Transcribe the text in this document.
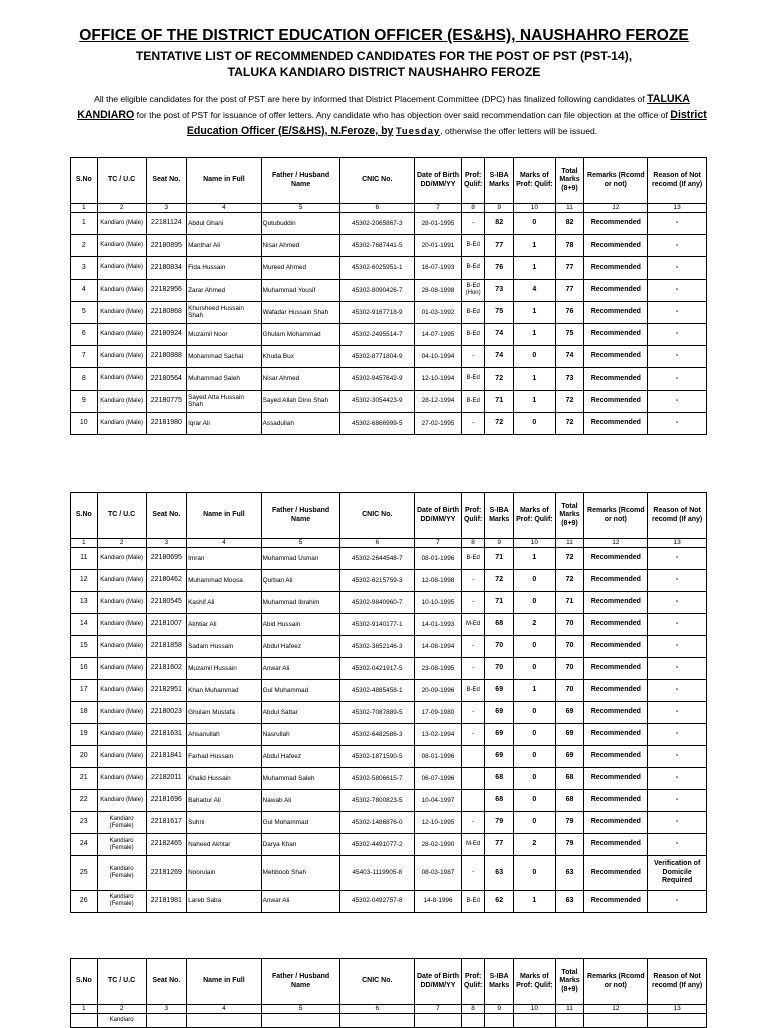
OFFICE OF THE DISTRICT EDUCATION OFFICER (ES&HS), NAUSHAHRO FEROZE
TENTATIVE LIST OF RECOMMENDED CANDIDATES FOR THE POST OF PST (PST-14),
TALUKA KANDIARO DISTRICT NAUSHAHRO FEROZE
All the eligible candidates for the post of PST are here by informed that District Placement Committee (DPC) has finalized following candidates of TALUKA KANDIARO for the post of PST for issuance of offer letters. Any candidate who has objection over said recommendation can file objection at the office of District Education Officer (E/S&HS), N.Feroze, by Tuesday, otherwise the offer letters will be issued.
S.No	TC / U.C	Seat No.	Name in Full	Father / Husband Name	CNIC No.	Date of Birth DD/MM/YY	Prof: Qulif:	S-IBA Marks	Marks of Prof: Qulif:	Total Marks (8+9)	Remarks (Rcomd or not)	Reason of Not recomd (If any)
1	2	3	4	5	6	7	8	9	10	11	12	13
1	Kandiaro (Male)	22181124	Abdul Ghani	Qutubuddin	45302-2065867-3	28-01-1995	-	82	0	82	Recommended	-
2	Kandiaro (Male)	22180895	Manthar Ali	Nisar Ahmed	45302-7687441-5	20-01-1991	B-Ed	77	1	78	Recommended	-
3	Kandiaro (Male)	22180834	Fida Hussain	Mureed Ahmed	45302-6025951-1	16-07-1993	B-Ed	76	1	77	Recommended	-
4	Kandiaro (Male)	22182956	Zarar Ahmed	Muhammad Yousif	45302-8090426-7	28-08-1998	B-Ed (Hon)	73	4	77	Recommended	-
5	Kandiaro (Male)	22180868	Khursheed Hussain Shah	Wafadar Hussain Shah	45302-9167718-9	01-03-1992	B-Ed	75	1	76	Recommended	-
6	Kandiaro (Male)	22180924	Muzamil Noor	Ghulam Mohammad	45302-2495514-7	14-07-1995	B-Ed	74	1	75	Recommended	-
7	Kandiaro (Male)	22180888	Mohammad Sachal	Khuda Bux	45302-8771804-9	04-10-1994	-	74	0	74	Recommended	-
8	Kandiaro (Male)	22180564	Muhammad Saleh	Nisar Ahmed	45302-9457642-9	12-10-1994	B-Ed	72	1	73	Recommended	-
9	Kandiaro (Male)	22180775	Sayed Atta Hussain Shah	Sayed Allah Dino Shah	45302-3054423-9	28-12-1994	B-Ed	71	1	72	Recommended	-
10	Kandiaro (Male)	22181980	Iqrar Ali	Assadullah	45302-6866999-5	27-02-1995	-	72	0	72	Recommended	-
S.No	TC / U.C	Seat No.	Name in Full	Father / Husband Name	CNIC No.	Date of Birth DD/MM/YY	Prof: Qulif:	S-IBA Marks	Marks of Prof: Qulif:	Total Marks (8+9)	Remarks (Rcomd or not)	Reason of Not recomd (If any)
1	2	3	4	5	6	7	8	9	10	11	12	13
11	Kandiaro (Male)	22180695	Imran	Muhammad Usman	45302-2644548-7	08-01-1996	B-Ed	71	1	72	Recommended	-
12	Kandiaro (Male)	22180462	Muhammad Moosa	Qurban Ali	45302-6215759-3	12-08-1998	-	72	0	72	Recommended	-
13	Kandiaro (Male)	22180545	Kashif Ali	Muhammad Ibrahim	45302-9840960-7	10-10-1995	-	71	0	71	Recommended	-
14	Kandiaro (Male)	22181007	Akhtiar Ali	Abid Hussain	45302-9140177-1	14-01-1993	M-Ed	68	2	70	Recommended	-
15	Kandiaro (Male)	22181858	Sadam Hussain	Abdul Hafeez	45302-3652146-3	14-08-1994	-	70	0	70	Recommended	-
16	Kandiaro (Male)	22181602	Muzamil Hussain	Anwar Ali	45302-0421917-5	23-08-1995	-	70	0	70	Recommended	-
17	Kandiaro (Male)	22182951	Khan Muhammad	Gul Muhammad	45302-4885458-1	20-09-1996	B-Ed	69	1	70	Recommended	-
18	Kandiaro (Male)	22180023	Ghulam Mustafa	Abdul Sattar	45302-7087889-5	17-09-1980	-	69	0	69	Recommended	-
19	Kandiaro (Male)	22181631	Ahsanullah	Nasrullah	45302-6482586-3	13-02-1994	-	69	0	69	Recommended	-
20	Kandiaro (Male)	22181841	Farhad Hussain	Abdul Hafeez	45302-1871590-5	08-01-1996		69	0	69	Recommended	-
21	Kandiaro (Male)	22182011	Khalid Hussain	Muhammad Saleh	45302-5806615-7	06-07-1996		68	0	68	Recommended	-
22	Kandiaro (Male)	22181696	Bahadur Ali	Nawab Ali	45302-7800823-5	10-04-1997		68	0	68	Recommended	-
23	Kandiaro (Female)	22181617	Suhni	Gul Mohammad	45302-1486876-0	12-10-1995	-	79	0	79	Recommended	-
24	Kandiaro (Female)	22182465	Naheed Akhtar	Darya Khan	45302-4491077-2	28-02-1990	M-Ed	77	2	79	Recommended	-
25	Kandiaro (Female)	22181269	Noorulain	Mehboob Shah	45403-1119905-8	08-03-1987	-	63	0	63	Recommended	Verification of Domicile Required
26	Kandiaro (Female)	22181981	Lareb Saba	Anwar Ali	45302-0492757-8	14-8-1996	B-Ed	62	1	63	Recommended	-
S.No	TC / U.C	Seat No.	Name in Full	Father / Husband Name	CNIC No.	Date of Birth DD/MM/YY	Prof: Qulif:	S-IBA Marks	Marks of Prof: Qulif:	Total Marks (8+9)	Remarks (Rcomd or not)	Reason of Not recomd (If any)
1	2	3	4	5	6	7	8	9	10	11	12	13
	Kandiaro											
